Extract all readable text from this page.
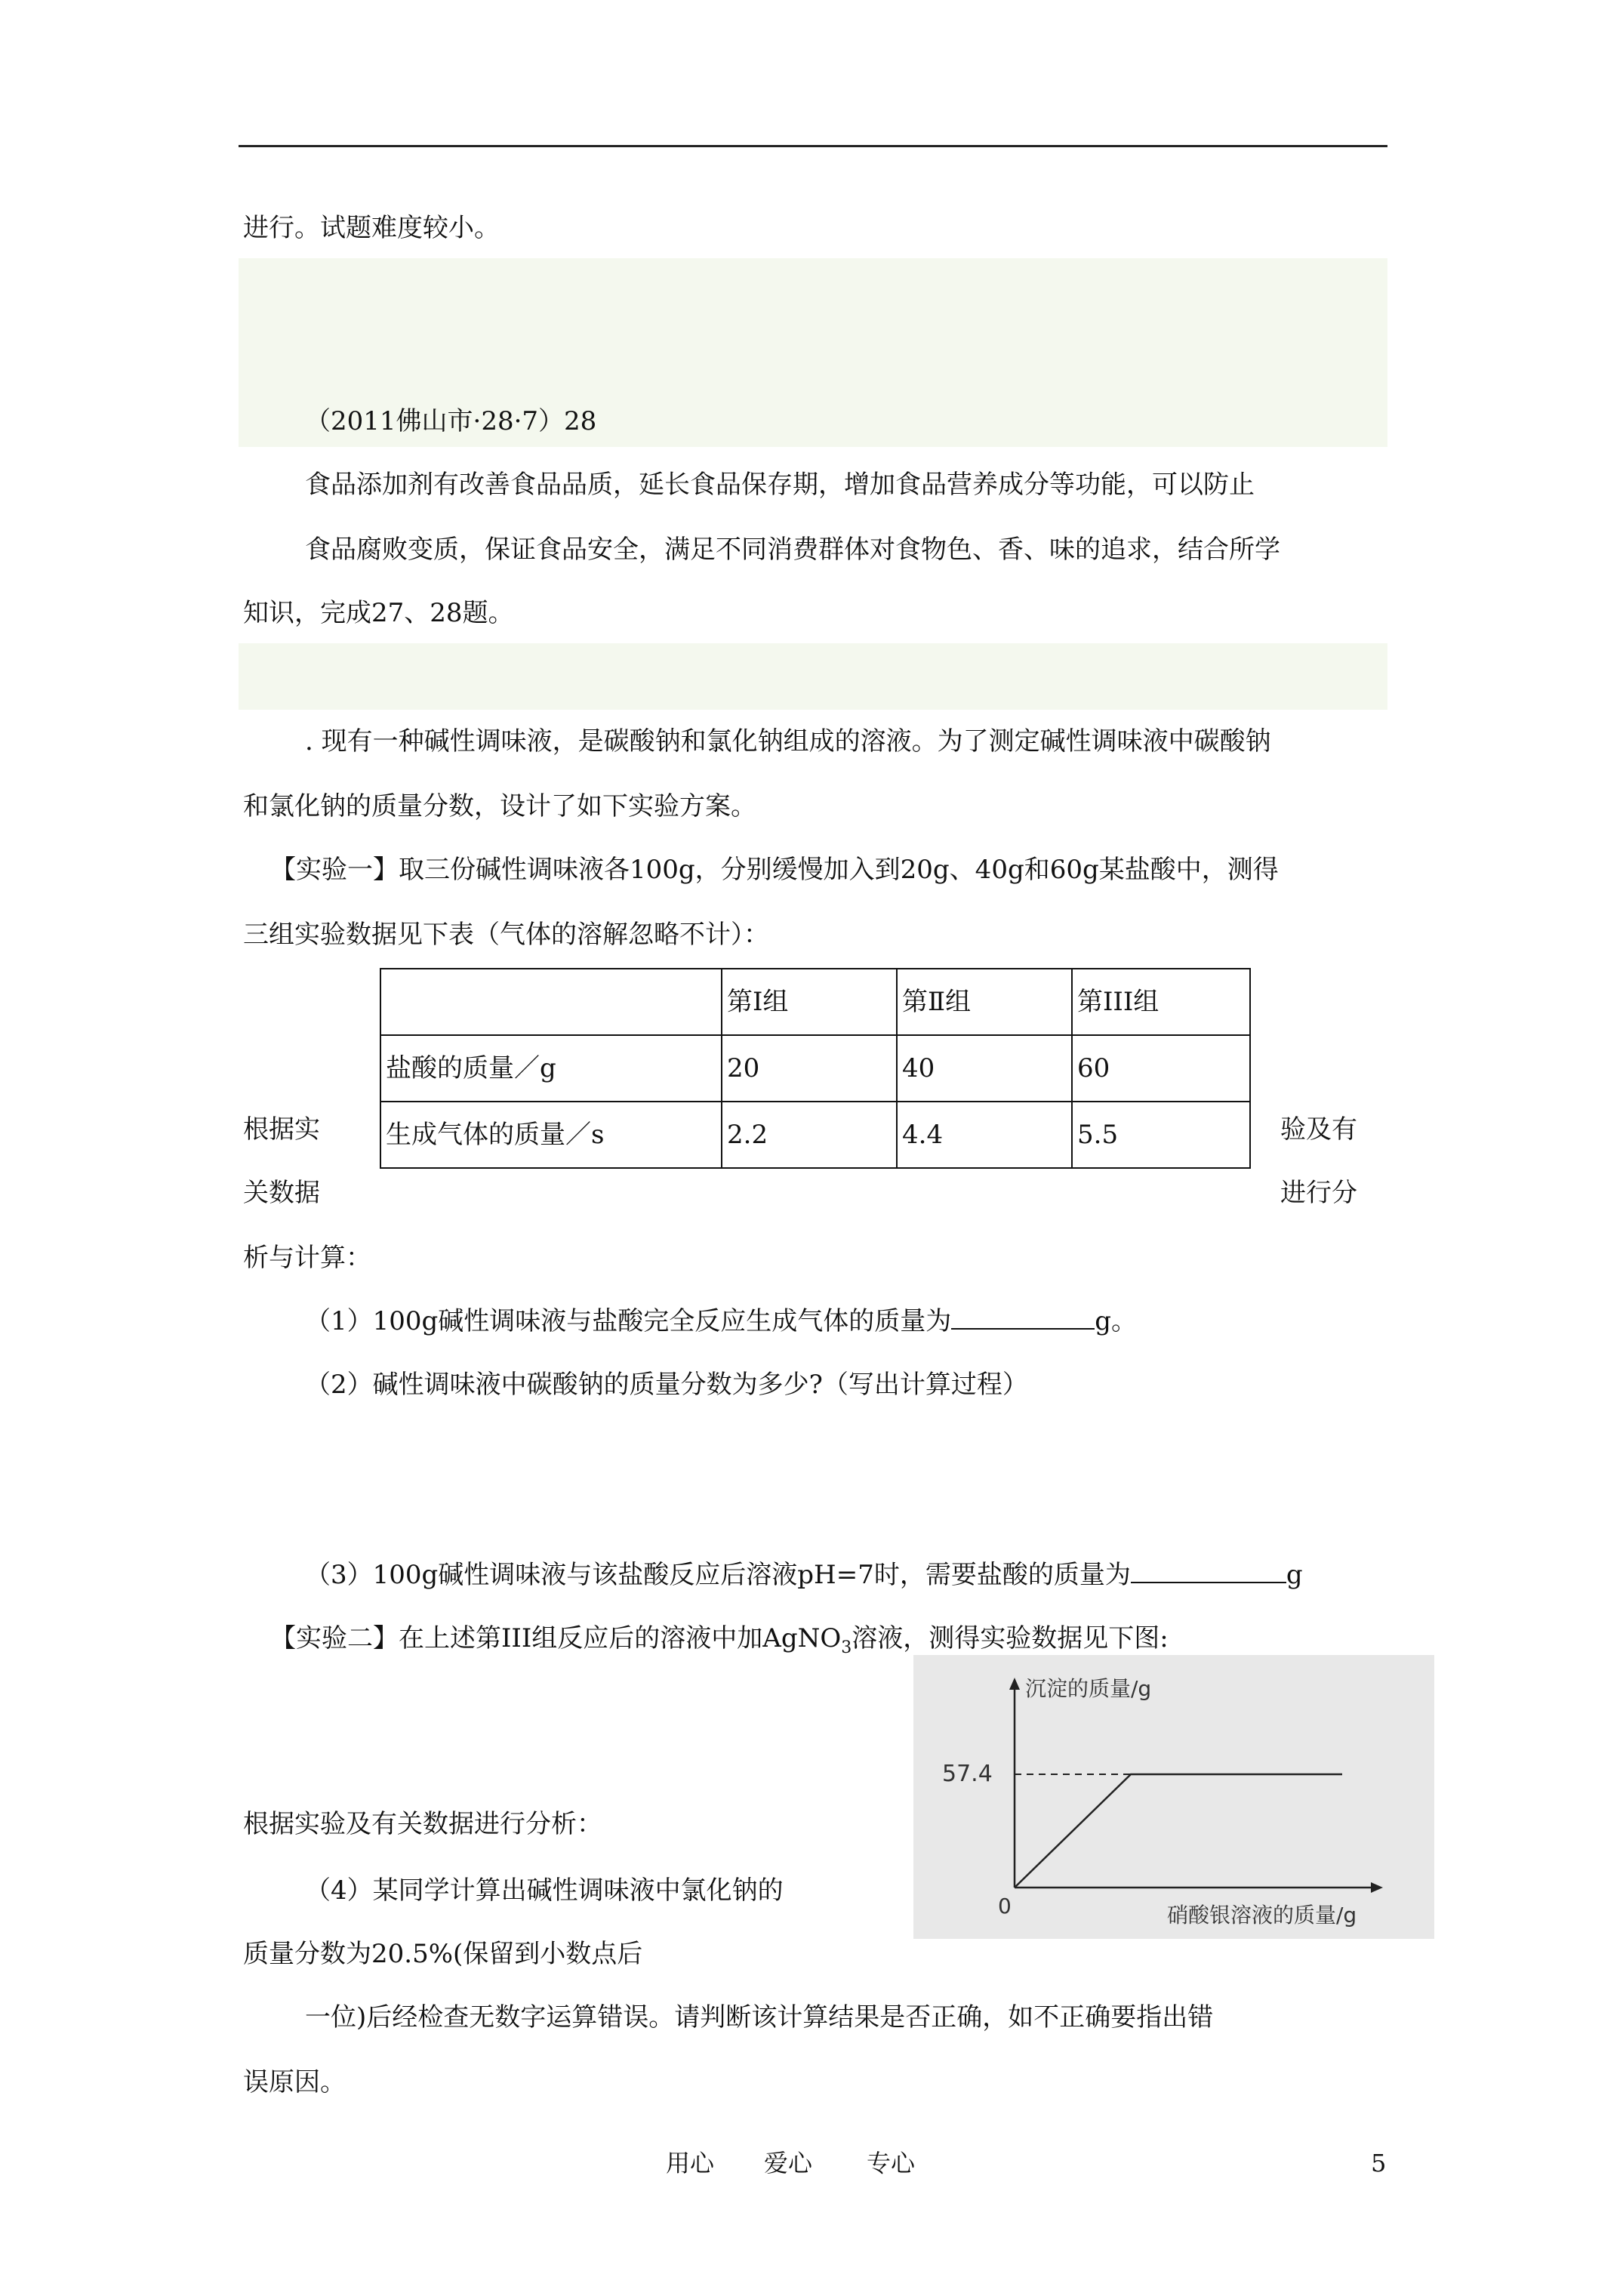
进行。试题难度较小。
（2011佛山市·28·7）28
食品添加剂有改善食品品质，延长食品保存期，增加食品营养成分等功能，可以防止
食品腐败变质，保证食品安全，满足不同消费群体对食物色、香、味的追求，结合所学
知识，完成27、28题。
. 现有一种碱性调味液，是碳酸钠和氯化钠组成的溶液。为了测定碱性调味液中碳酸钠
和氯化钠的质量分数，设计了如下实验方案。
【实验一】取三份碱性调味液各100g，分别缓慢加入到20g、40g和60g某盐酸中，测得
三组实验数据见下表（气体的溶解忽略不计）：
	第Ⅰ组	第Ⅱ组	第III组
盐酸的质量／g	20	40	60
生成气体的质量／s	2.2	4.4	5.5
根据实
关数据
验及有
进行分
析与计算：
（1）100g碱性调味液与盐酸完全反应生成气体的质量为	g。
（2）碱性调味液中碳酸钠的质量分数为多少?（写出计算过程）
（3）100g碱性调味液与该盐酸反应后溶液pH=7时，需要盐酸的质量为	g
【实验二】在上述第III组反应后的溶液中加AgNO$_3$溶液，测得实验数据见下图:
沉淀的质量/g
57.4
0	硝酸银溶液的质量/g
根据实验及有关数据进行分析：
（4）某同学计算出碱性调味液中氯化钠的
质量分数为20.5%(保留到小数点后
一位)后经检查无数字运算错误。请判断该计算结果是否正确，如不正确要指出错
误原因。
用心 爱心 专心	5
